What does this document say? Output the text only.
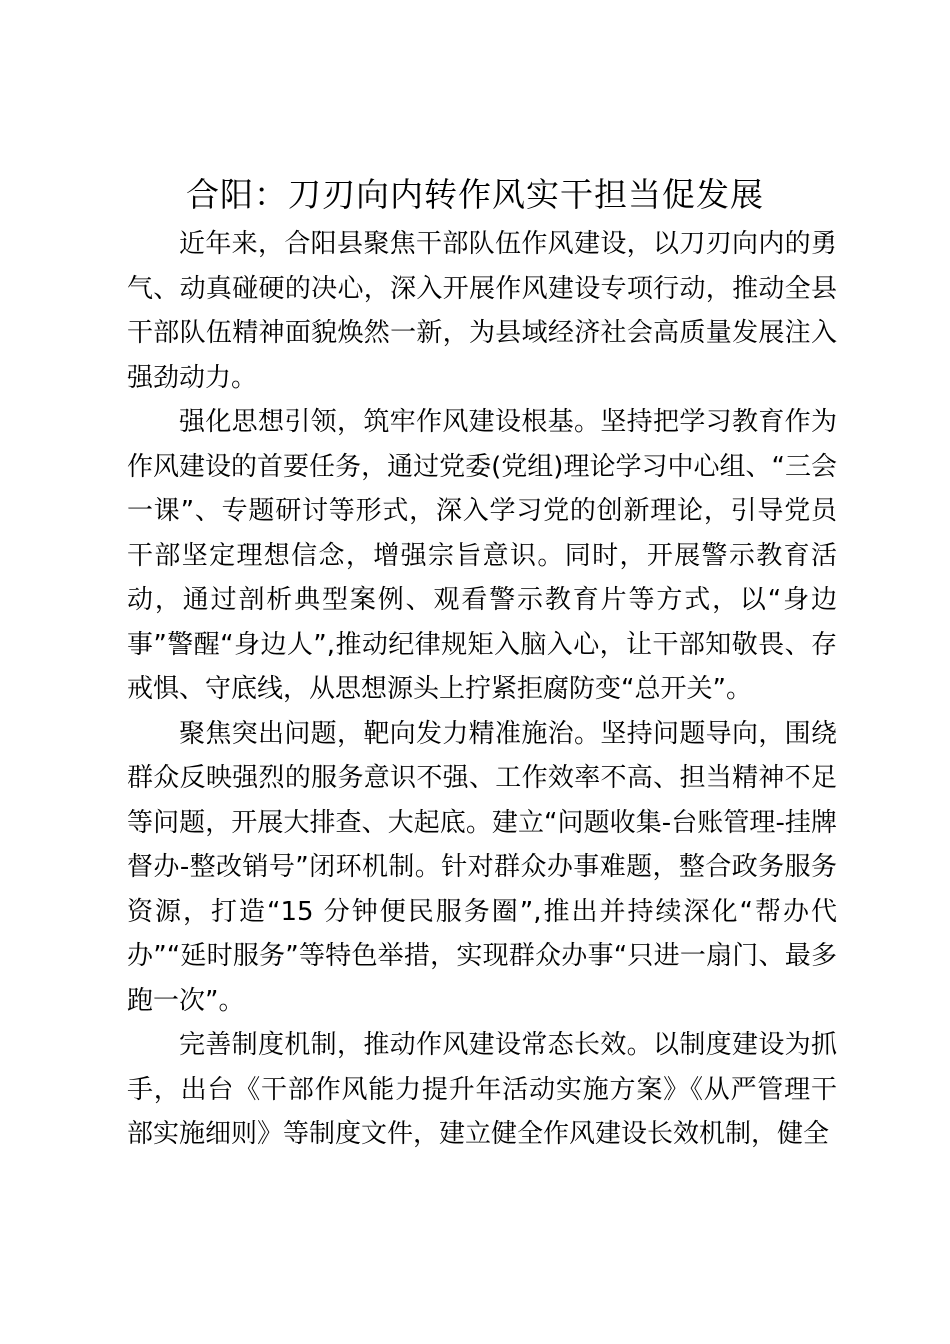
合阳：刀刃向内转作风实干担当促发展

近年来，合阳县聚焦干部队伍作风建设，以刀刃向内的勇气、动真碰硬的决心，深入开展作风建设专项行动，推动全县干部队伍精神面貌焕然一新，为县域经济社会高质量发展注入强劲动力。

强化思想引领，筑牢作风建设根基。坚持把学习教育作为作风建设的首要任务，通过党委(党组)理论学习中心组、“三会一课”、专题研讨等形式，深入学习党的创新理论，引导党员干部坚定理想信念，增强宗旨意识。同时，开展警示教育活动，通过剖析典型案例、观看警示教育片等方式，以“身边事”警醒“身边人”,推动纪律规矩入脑入心，让干部知敬畏、存戒惧、守底线，从思想源头上拧紧拒腐防变“总开关”。

聚焦突出问题，靶向发力精准施治。坚持问题导向，围绕群众反映强烈的服务意识不强、工作效率不高、担当精神不足等问题，开展大排查、大起底。建立“问题收集-台账管理-挂牌督办-整改销号”闭环机制。针对群众办事难题，整合政务服务资源，打造“15 分钟便民服务圈”,推出并持续深化“帮办代办”“延时服务”等特色举措，实现群众办事“只进一扇门、最多跑一次”。

完善制度机制，推动作风建设常态长效。以制度建设为抓手，出台《干部作风能力提升年活动实施方案》《从严管理干部实施细则》等制度文件，建立健全作风建设长效机制，健全
